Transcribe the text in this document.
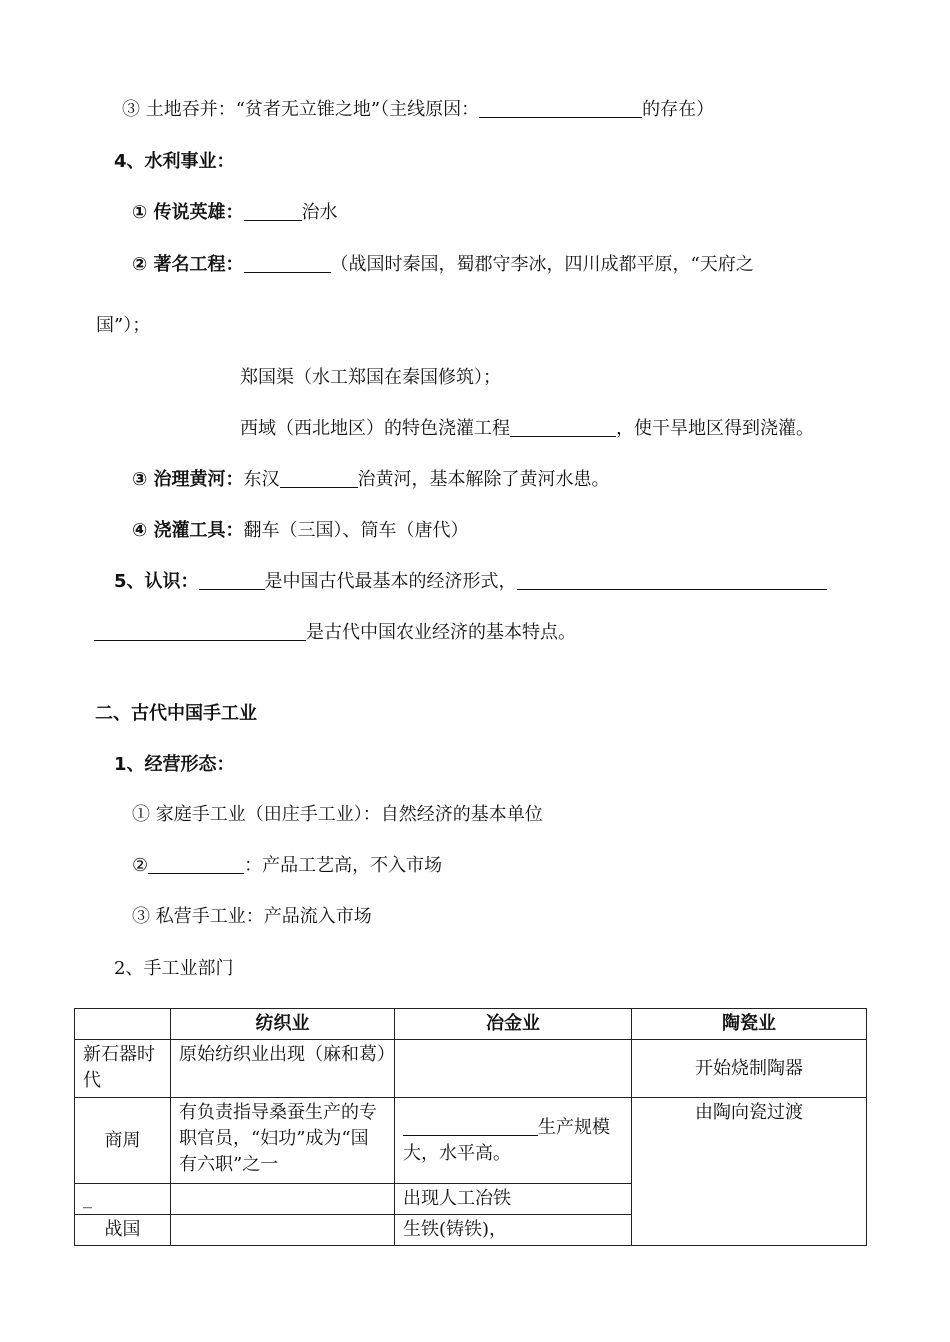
③ 土地吞并：“贫者无立锥之地”（主线原因：	的存在）
4、水利事业：
① 传说英雄：	治水
② 著名工程：	（战国时秦国，蜀郡守李冰，四川成都平原，“天府之
国”）；
郑国渠（水工郑国在秦国修筑）；
西域（西北地区）的特色浇灌工程	，使干旱地区得到浇灌。
③ 治理黄河：东汉	治黄河，基本解除了黄河水患。
④ 浇灌工具：翻车（三国）、筒车（唐代）
5、认识：	是中国古代最基本的经济形式，
是古代中国农业经济的基本特点。
二、古代中国手工业
1、经营形态：
① 家庭手工业（田庄手工业）：自然经济的基本单位
②	：产品工艺高，不入市场
③ 私营手工业：产品流入市场
2、手工业部门
	纺织业	冶金业	陶瓷业
新石器时代	原始纺织业出现（麻和葛）		开始烧制陶器
商周	有负责指导桑蚕生产的专职官员，“妇功”成为“国有六职”之一	生产规模大，水平高。	由陶向瓷过渡
_		出现人工冶铁	
战国		生铁(铸铁)，	
